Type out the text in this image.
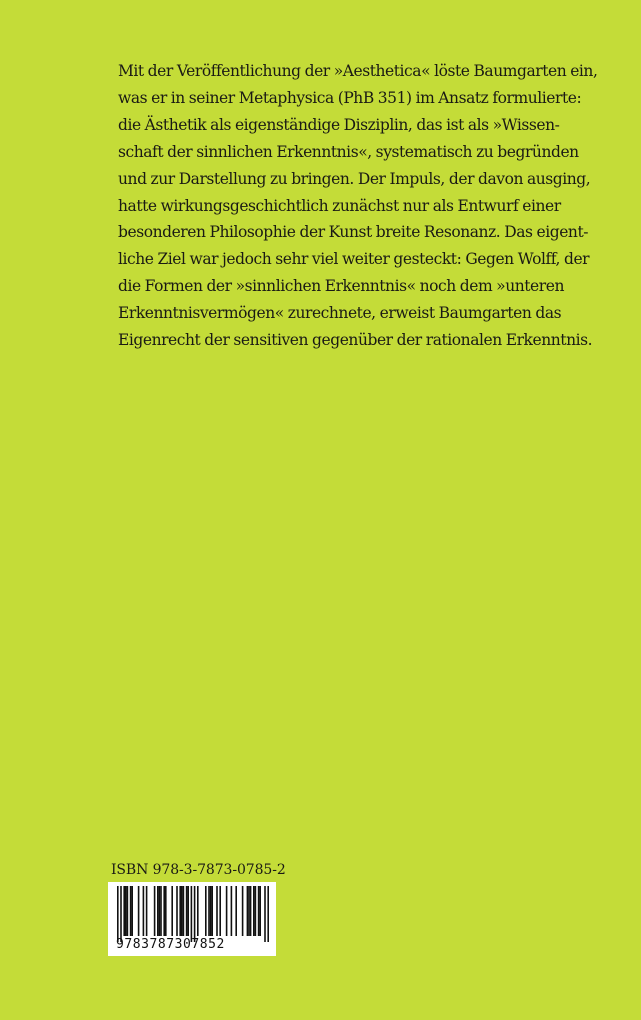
Mit der Veröffentlichung der »Aesthetica« löste Baumgarten ein,
was er in seiner Metaphysica (PhB 351) im Ansatz formulierte:
die Ästhetik als eigenständige Disziplin, das ist als »Wissen-
schaft der sinnlichen Erkenntnis«, systematisch zu begründen
und zur Darstellung zu bringen. Der Impuls, der davon ausging,
hatte wirkungsgeschichtlich zunächst nur als Entwurf einer
besonderen Philosophie der Kunst breite Resonanz. Das eigent-
liche Ziel war jedoch sehr viel weiter gesteckt: Gegen Wolff, der
die Formen der »sinnlichen Erkenntnis« noch dem »unteren
Erkenntnisvermögen« zurechnete, erweist Baumgarten das
Eigenrecht der sensitiven gegenüber der rationalen Erkenntnis.
ISBN 978-3-7873-0785-2
9783787307852
